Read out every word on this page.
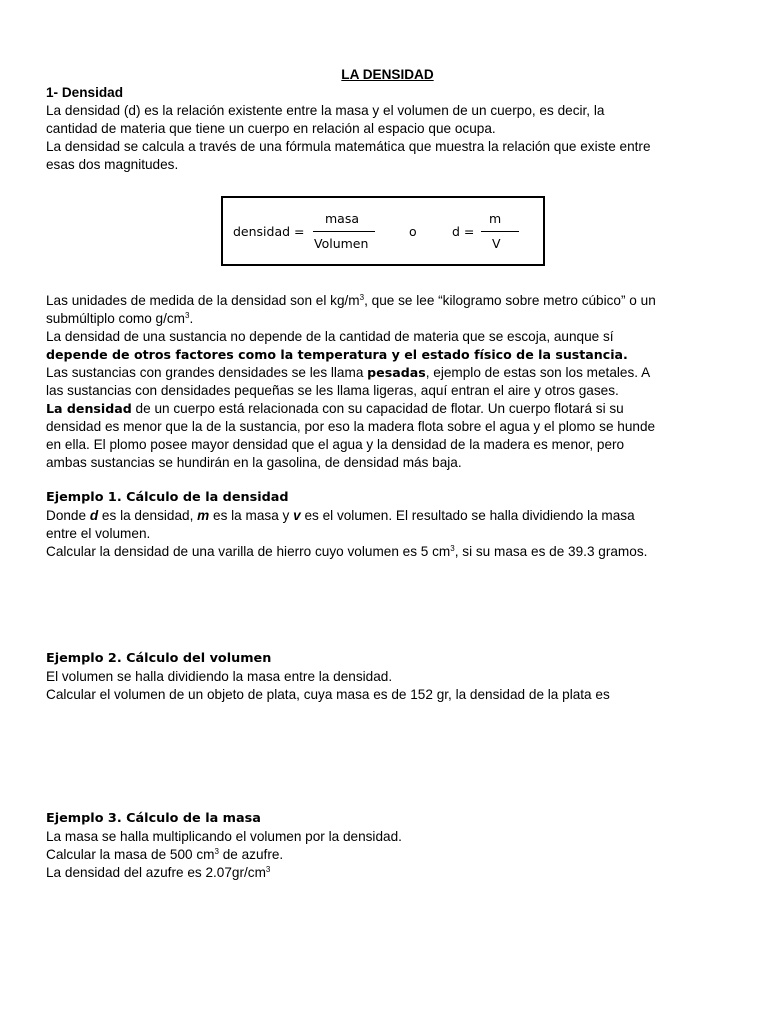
LA DENSIDAD

1- Densidad

La densidad (d) es la relación existente entre la masa y el volumen de un cuerpo, es decir, la

cantidad de materia que tiene un cuerpo en relación al espacio que ocupa.

La densidad se calcula a través de una fórmula matemática que muestra la relación que existe entre

esas dos magnitudes.

densidad =
masa
Volumen
o	d =
m
V

Las unidades de medida de la densidad son el $kg/m^3$, que se lee “kilogramo sobre metro cúbico” o un

submúltiplo como $g/cm^3$.

La densidad de una sustancia no depende de la cantidad de materia que se escoja, aunque sí

depende de otros factores como la temperatura y el estado físico de la sustancia.

Las sustancias con grandes densidades se les llama pesadas, ejemplo de estas son los metales. A

las sustancias con densidades pequeñas se les llama ligeras, aquí entran el aire y otros gases.

La densidad de un cuerpo está relacionada con su capacidad de flotar. Un cuerpo flotará si su

densidad es menor que la de la sustancia, por eso la madera flota sobre el agua y el plomo se hunde

en ella. El plomo posee mayor densidad que el agua y la densidad de la madera es menor, pero

ambas sustancias se hundirán en la gasolina, de densidad más baja.

Ejemplo 1. Cálculo de la densidad

Donde d es la densidad, m es la masa y v es el volumen. El resultado se halla dividiendo la masa

entre el volumen.

Calcular la densidad de una varilla de hierro cuyo volumen es 5 $cm^3$, si su masa es de 39.3 gramos.

Ejemplo 2. Cálculo del volumen

El volumen se halla dividiendo la masa entre la densidad.

Calcular el volumen de un objeto de plata, cuya masa es de 152 gr, la densidad de la plata es

Ejemplo 3. Cálculo de la masa

La masa se halla multiplicando el volumen por la densidad.

Calcular la masa de 500 $cm^3$ de azufre.

La densidad del azufre es $2.07gr/cm^3$
